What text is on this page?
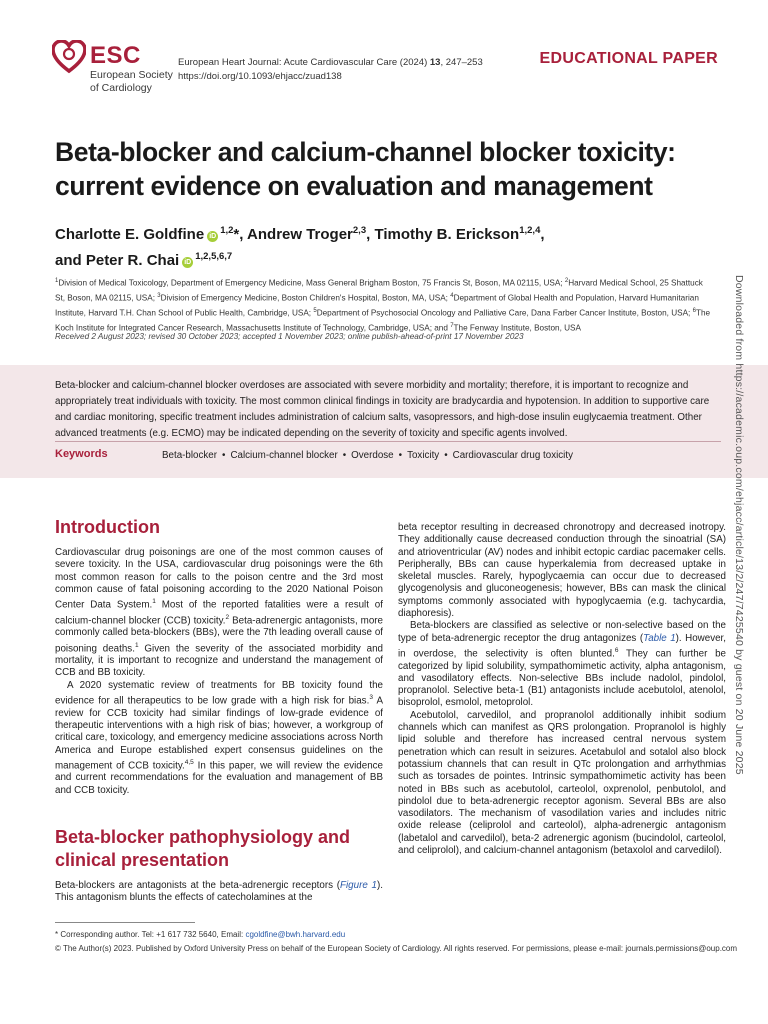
ESC
European Society
of Cardiology
European Heart Journal: Acute Cardiovascular Care (2024) 13, 247–253
https://doi.org/10.1093/ehjacc/zuad138
EDUCATIONAL PAPER
Beta-blocker and calcium-channel blocker toxicity:
current evidence on evaluation and management
Charlotte E. Goldfine iD$^{1,2}$*, Andrew Troger$^{2,3}$, Timothy B. Erickson$^{1,2,4}$,
and Peter R. Chai iD$^{1,2,5,6,7}$
$^1$Division of Medical Toxicology, Department of Emergency Medicine, Mass General Brigham Boston, 75 Francis St, Boson, MA 02115, USA; $^2$Harvard Medical School, 25 Shattuck St, Boson, MA 02115, USA; $^3$Division of Emergency Medicine, Boston Children's Hospital, Boston, MA, USA; $^4$Department of Global Health and Population, Harvard Humanitarian Institute, Harvard T.H. Chan School of Public Health, Cambridge, USA; $^5$Department of Psychosocial Oncology and Palliative Care, Dana Farber Cancer Institute, Boston, USA; $^6$The Koch Institute for Integrated Cancer Research, Massachusetts Institute of Technology, Cambridge, USA; and $^7$The Fenway Institute, Boston, USA
Received 2 August 2023; revised 30 October 2023; accepted 1 November 2023; online publish-ahead-of-print 17 November 2023
Beta-blocker and calcium-channel blocker overdoses are associated with severe morbidity and mortality; therefore, it is important to recognize and appropriately treat individuals with toxicity. The most common clinical findings in toxicity are bradycardia and hypotension. In addition to supportive care and cardiac monitoring, specific treatment includes administration of calcium salts, vasopressors, and high-dose insulin euglycaemia treatment. Other advanced treatments (e.g. ECMO) may be indicated depending on the severity of toxicity and specific agents involved.
Keywords	Beta-blocker • Calcium-channel blocker • Overdose • Toxicity • Cardiovascular drug toxicity
Introduction

Cardiovascular drug poisonings are one of the most common causes of severe toxicity. In the USA, cardiovascular drug poisonings were the 6th most common reason for calls to the poison centre and the 3rd most common cause of fatal poisoning according to the 2020 National Poison Center Data System.$^1$ Most of the reported fatalities were a result of calcium-channel blocker (CCB) toxicity.$^2$ Beta-adrenergic antagonists, more commonly called beta-blockers (BBs), were the 7th leading overall cause of poisoning deaths.$^1$ Given the severity of the associated morbidity and mortality, it is important to recognize and understand the management of CCB and BB toxicity.

A 2020 systematic review of treatments for BB toxicity found the evidence for all therapeutics to be low grade with a high risk for bias.$^3$ A review for CCB toxicity had similar findings of low-grade evidence of therapeutic interventions with a high risk of bias; however, a workgroup of critical care, toxicology, and emergency medicine associations across North America and Europe established expert consensus guidelines on the management of CCB toxicity.$^{4,5}$ In this paper, we will review the evidence and current recommendations for the evaluation and management of BB and CCB toxicity.

Beta-blocker pathophysiology and clinical presentation

Beta-blockers are antagonists at the beta-adrenergic receptors (Figure 1). This antagonism blunts the effects of catecholamines at the

beta receptor resulting in decreased chronotropy and decreased inotropy. They additionally cause decreased conduction through the sinoatrial (SA) and atrioventricular (AV) nodes and inhibit ectopic cardiac pacemaker cells. Peripherally, BBs can cause hyperkalemia from decreased uptake in skeletal muscles. Rarely, hypoglycaemia can occur due to decreased glycogenolysis and gluconeogenesis; however, BBs can mask the clinical symptoms commonly associated with hypoglycaemia (e.g. tachycardia, diaphoresis).

Beta-blockers are classified as selective or non-selective based on the type of beta-adrenergic receptor the drug antagonizes (Table 1). However, in overdose, the selectivity is often blunted.$^6$ They can further be categorized by lipid solubility, sympathomimetic activity, alpha antagonism, and vasodilatory effects. Non-selective BBs include nadolol, pindolol, propranolol. Selective beta-1 (B1) antagonists include acebutolol, atenolol, bisoprolol, esmolol, metoprolol.

Acebutolol, carvedilol, and propranolol additionally inhibit sodium channels which can manifest as QRS prolongation. Propranolol is highly lipid soluble and therefore has increased central nervous system penetration which can result in seizures. Acetabulol and sotalol also block potassium channels that can result in QTc prolongation and arrhythmias such as torsades de pointes. Intrinsic sympathomimetic activity has been noted in BBs such as acebutolol, carteolol, oxprenolol, penbutolol, and pindolol due to beta-adrenergic receptor agonism. Several BBs are also vasodilators. The mechanism of vasodilation varies and includes nitric oxide release (celiprolol and carteolol), alpha-adrenergic antagonism (labetalol and carvedilol), beta-2 adrenergic agonism (bucindolol, carteolol, and celiprolol), and calcium-channel antagonism (betaxolol and carvedilol).

* Corresponding author. Tel: +1 617 732 5640, Email: cgoldfine@bwh.harvard.edu
© The Author(s) 2023. Published by Oxford University Press on behalf of the European Society of Cardiology. All rights reserved. For permissions, please e-mail: journals.permissions@oup.com
Downloaded from https://academic.oup.com/ehjacc/article/13/2/247/7425540 by guest on 20 June 2025
